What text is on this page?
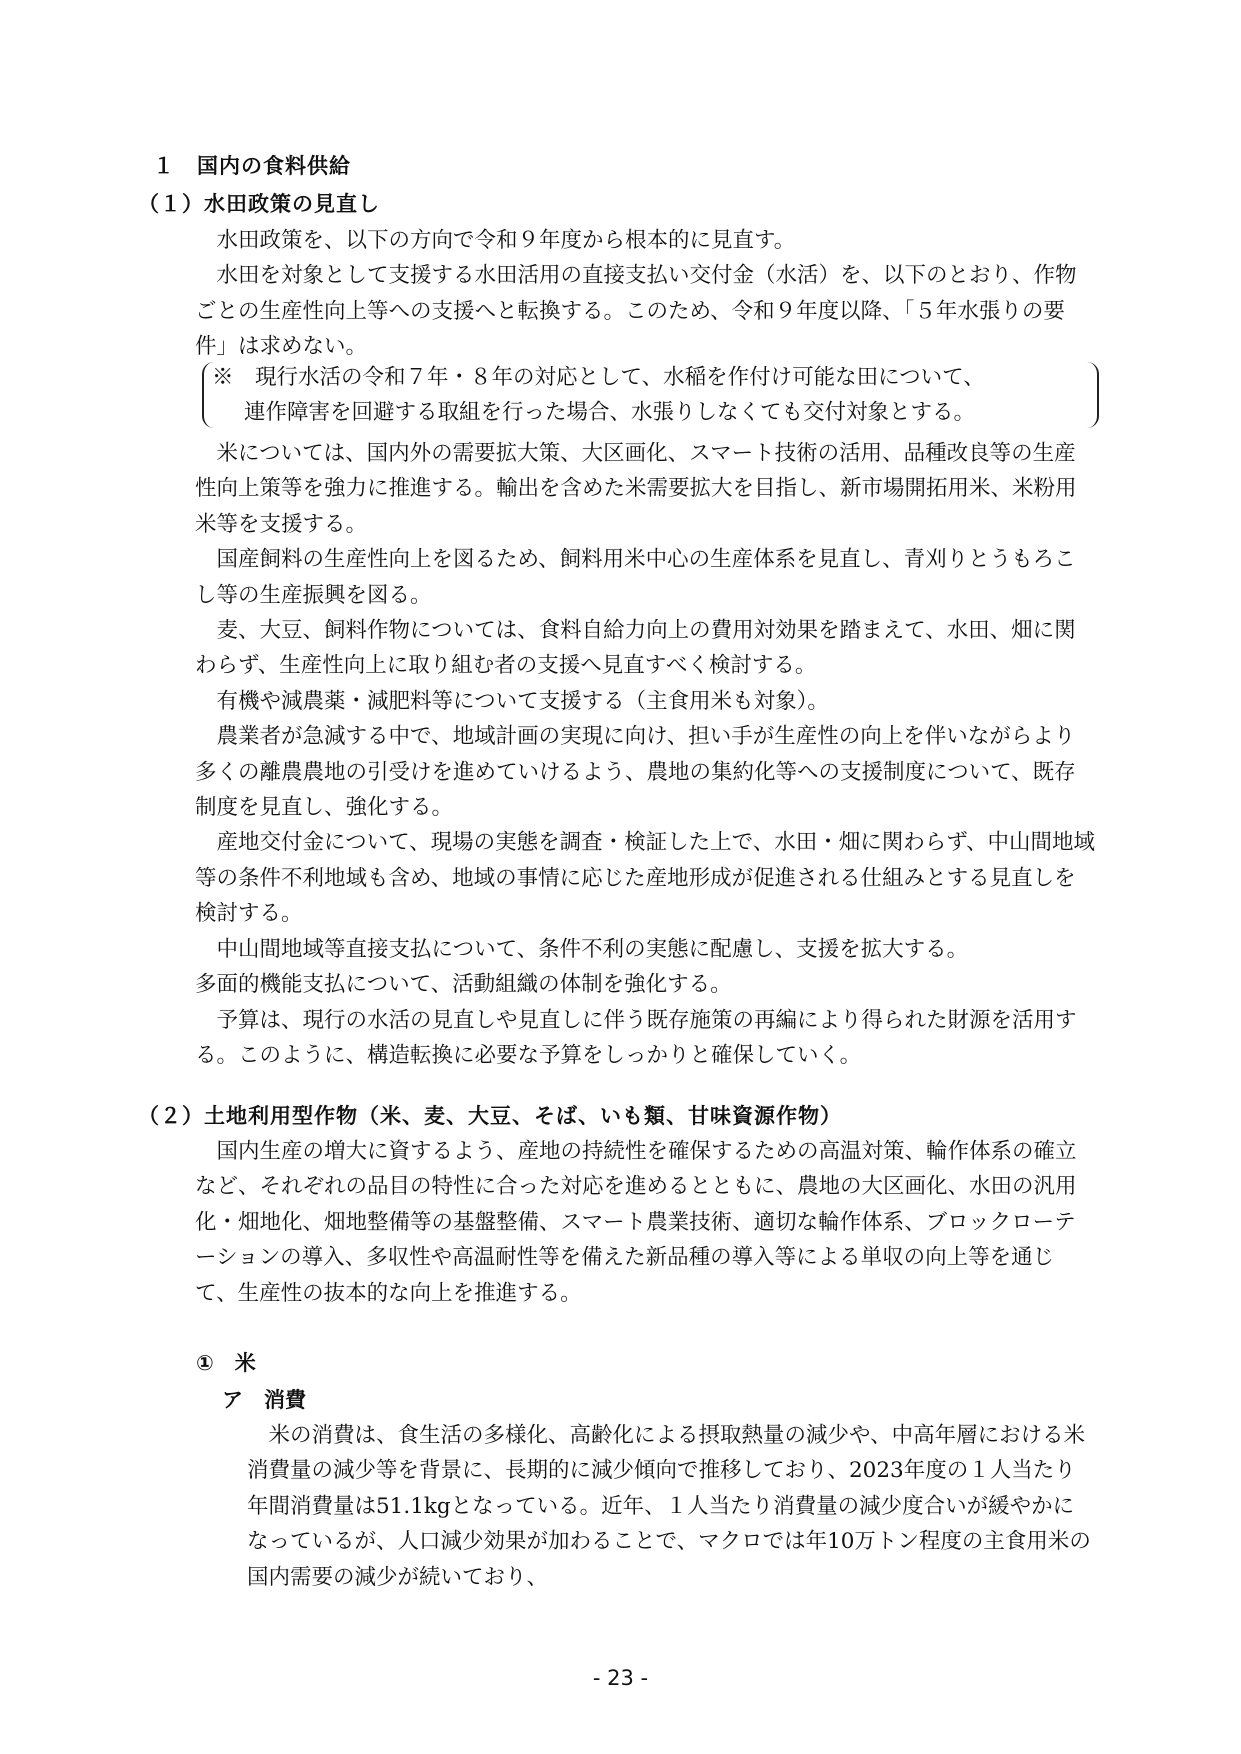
１　国内の食料供給
（１）水田政策の見直し

水田政策を、以下の方向で令和９年度から根本的に見直す。

水田を対象として支援する水田活用の直接支払い交付金（水活）を、以下のとおり、作物ごとの生産性向上等への支援へと転換する。このため、令和９年度以降、「５年水張りの要件」は求めない。

※　現行水活の令和７年・８年の対応として、水稲を作付け可能な田について、
連作障害を回避する取組を行った場合、水張りしなくても交付対象とする。

米については、国内外の需要拡大策、大区画化、スマート技術の活用、品種改良等の生産性向上策等を強力に推進する。輸出を含めた米需要拡大を目指し、新市場開拓用米、米粉用米等を支援する。

国産飼料の生産性向上を図るため、飼料用米中心の生産体系を見直し、青刈りとうもろこし等の生産振興を図る。

麦、大豆、飼料作物については、食料自給力向上の費用対効果を踏まえて、水田、畑に関わらず、生産性向上に取り組む者の支援へ見直すべく検討する。

有機や減農薬・減肥料等について支援する（主食用米も対象）。

農業者が急減する中で、地域計画の実現に向け、担い手が生産性の向上を伴いながらより多くの離農農地の引受けを進めていけるよう、農地の集約化等への支援制度について、既存制度を見直し、強化する。

産地交付金について、現場の実態を調査・検証した上で、水田・畑に関わらず、中山間地域等の条件不利地域も含め、地域の事情に応じた産地形成が促進される仕組みとする見直しを検討する。

中山間地域等直接支払について、条件不利の実態に配慮し、支援を拡大する。

多面的機能支払について、活動組織の体制を強化する。

予算は、現行の水活の見直しや見直しに伴う既存施策の再編により得られた財源を活用する。このように、構造転換に必要な予算をしっかりと確保していく。

（２）土地利用型作物（米、麦、大豆、そば、いも類、甘味資源作物）

国内生産の増大に資するよう、産地の持続性を確保するための高温対策、輪作体系の確立など、それぞれの品目の特性に合った対応を進めるとともに、農地の大区画化、水田の汎用化・畑地化、畑地整備等の基盤整備、スマート農業技術、適切な輪作体系、ブロックローテーションの導入、多収性や高温耐性等を備えた新品種の導入等による単収の向上等を通じて、生産性の抜本的な向上を推進する。

①　米
ア　消費

米の消費は、食生活の多様化、高齢化による摂取熱量の減少や、中高年層における米消費量の減少等を背景に、長期的に減少傾向で推移しており、2023年度の１人当たり年間消費量は51.1kgとなっている。近年、１人当たり消費量の減少度合いが緩やかになっているが、人口減少効果が加わることで、マクロでは年10万トン程度の主食用米の国内需要の減少が続いており、

- 23 -
